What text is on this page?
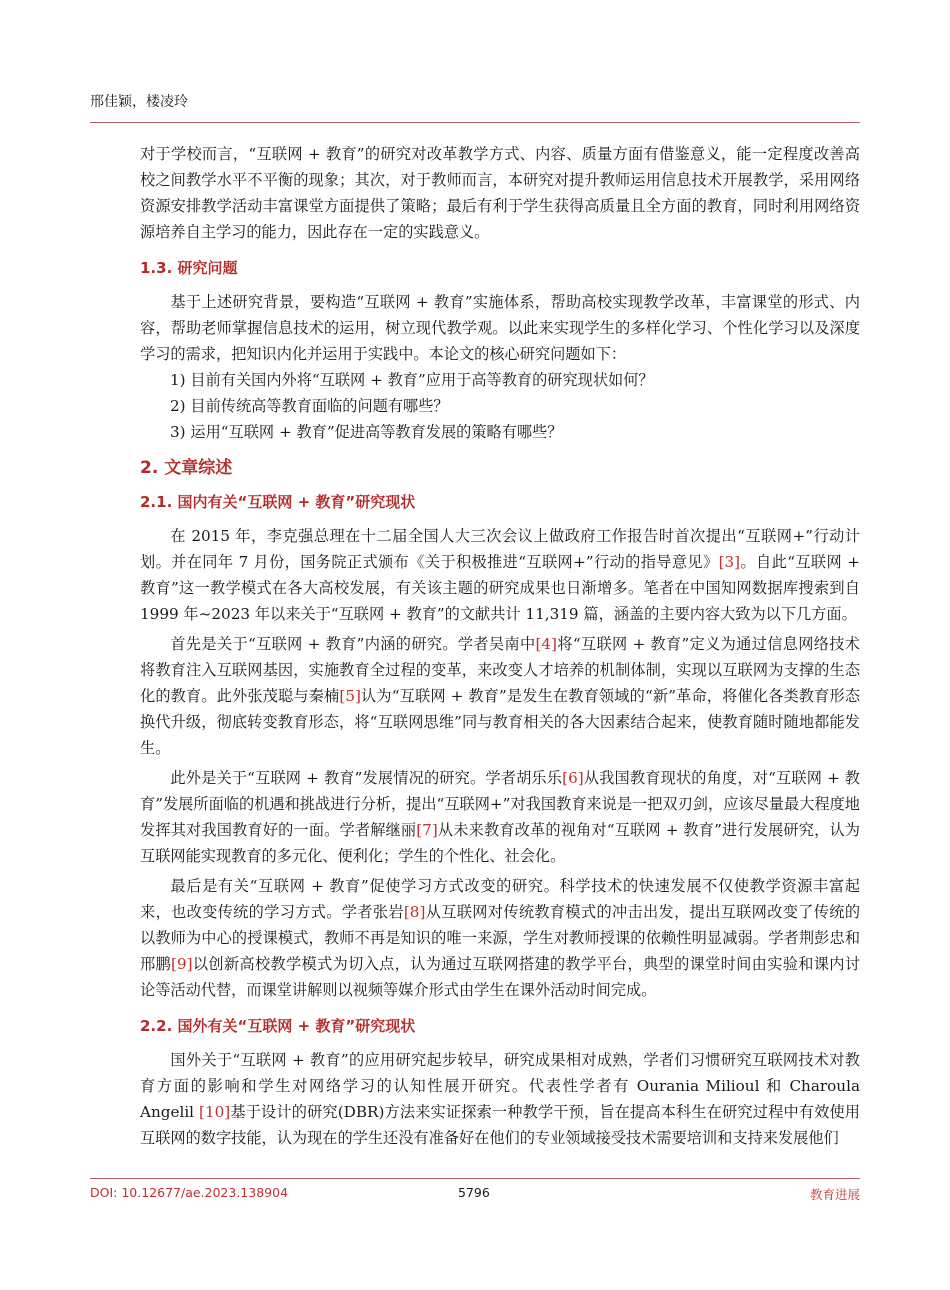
邢佳颖，楼凌玲

对于学校而言，“互联网 + 教育”的研究对改革教学方式、内容、质量方面有借鉴意义，能一定程度改善高校之间教学水平不平衡的现象；其次，对于教师而言，本研究对提升教师运用信息技术开展教学，采用网络资源安排教学活动丰富课堂方面提供了策略；最后有利于学生获得高质量且全方面的教育，同时利用网络资源培养自主学习的能力，因此存在一定的实践意义。

1.3. 研究问题

基于上述研究背景，要构造“互联网 + 教育”实施体系，帮助高校实现教学改革，丰富课堂的形式、内容，帮助老师掌握信息技术的运用，树立现代教学观。以此来实现学生的多样化学习、个性化学习以及深度学习的需求，把知识内化并运用于实践中。本论文的核心研究问题如下：

1) 目前有关国内外将“互联网 + 教育”应用于高等教育的研究现状如何？

2) 目前传统高等教育面临的问题有哪些？

3) 运用“互联网 + 教育”促进高等教育发展的策略有哪些？

2. 文章综述
2.1. 国内有关“互联网 + 教育”研究现状

在 2015 年，李克强总理在十二届全国人大三次会议上做政府工作报告时首次提出“互联网+”行动计划。并在同年 7 月份，国务院正式颁布《关于积极推进“互联网+”行动的指导意见》[3]。自此“互联网 + 教育”这一教学模式在各大高校发展，有关该主题的研究成果也日渐增多。笔者在中国知网数据库搜索到自 1999 年~2023 年以来关于“互联网 + 教育”的文献共计 11,319 篇，涵盖的主要内容大致为以下几方面。

首先是关于“互联网 + 教育”内涵的研究。学者吴南中[4]将“互联网 + 教育”定义为通过信息网络技术将教育注入互联网基因，实施教育全过程的变革，来改变人才培养的机制体制，实现以互联网为支撑的生态化的教育。此外张茂聪与秦楠[5]认为“互联网 + 教育”是发生在教育领域的“新”革命，将催化各类教育形态换代升级，彻底转变教育形态，将“互联网思维”同与教育相关的各大因素结合起来，使教育随时随地都能发生。

此外是关于“互联网 + 教育”发展情况的研究。学者胡乐乐[6]从我国教育现状的角度，对“互联网 + 教育”发展所面临的机遇和挑战进行分析，提出“互联网+”对我国教育来说是一把双刃剑，应该尽量最大程度地发挥其对我国教育好的一面。学者解继丽[7]从未来教育改革的视角对“互联网 + 教育”进行发展研究，认为互联网能实现教育的多元化、便利化；学生的个性化、社会化。

最后是有关“互联网 + 教育”促使学习方式改变的研究。科学技术的快速发展不仅使教学资源丰富起来，也改变传统的学习方式。学者张岩[8]从互联网对传统教育模式的冲击出发，提出互联网改变了传统的以教师为中心的授课模式，教师不再是知识的唯一来源，学生对教师授课的依赖性明显减弱。学者荆彭忠和邢鹏[9]以创新高校教学模式为切入点，认为通过互联网搭建的教学平台，典型的课堂时间由实验和课内讨论等活动代替，而课堂讲解则以视频等媒介形式由学生在课外活动时间完成。

2.2. 国外有关“互联网 + 教育”研究现状

国外关于“互联网 + 教育”的应用研究起步较早，研究成果相对成熟，学者们习惯研究互联网技术对教育方面的影响和学生对网络学习的认知性展开研究。代表性学者有 Ourania Milioul 和 Charoula Angelil [10]基于设计的研究(DBR)方法来实证探索一种教学干预，旨在提高本科生在研究过程中有效使用互联网的数字技能，认为现在的学生还没有准备好在他们的专业领域接受技术需要培训和支持来发展他们

DOI: 10.12677/ae.2023.138904	5796	教育进展
